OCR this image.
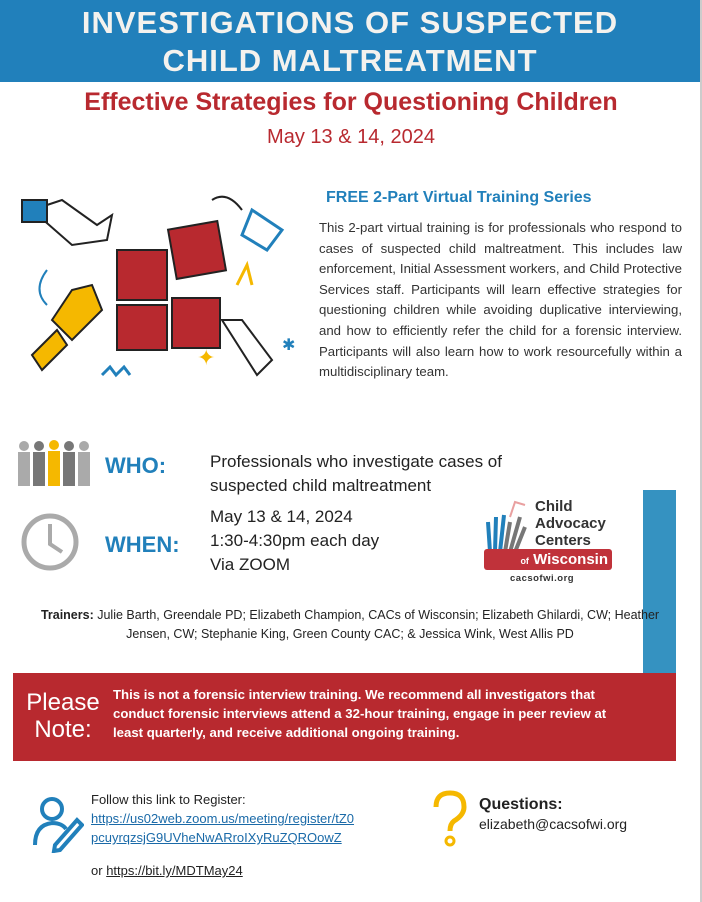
INVESTIGATIONS OF SUSPECTED
CHILD MALTREATMENT
Effective Strategies for Questioning Children
May 13 & 14, 2024
✦	✱
FREE 2-Part Virtual Training Series
This 2-part virtual training is for professionals who respond to cases of suspected child maltreatment. This includes law enforcement, Initial Assessment workers, and Child Protective Services staff. Participants will learn effective strategies for questioning children while avoiding duplicative interviewing, and how to efficiently refer the child for a forensic interview. Participants will also learn how to work resourcefully within a multidisciplinary team.
WHO:	Professionals who investigate cases of
suspected child maltreatment
WHEN:
May 13 & 14, 2024
1:30-4:30pm each day
Via ZOOM
Child
Advocacy
Centers
of Wisconsin
cacsofwi.org
Trainers: Julie Barth, Greendale PD; Elizabeth Champion, CACs of Wisconsin; Elizabeth Ghilardi, CW; Heather Jensen, CW; Stephanie King, Green County CAC; & Jessica Wink, West Allis PD
Please
Note:
This is not a forensic interview training. We recommend all investigators that conduct forensic interviews attend a 32-hour training, engage in peer review at least quarterly, and receive additional ongoing training.
Follow this link to Register:
https://us02web.zoom.us/meeting/register/tZ0
pcuyrqzsjG9UVheNwARroIXyRuZQROowZ
or https://bit.ly/MDTMay24
Questions:
elizabeth@cacsofwi.org
